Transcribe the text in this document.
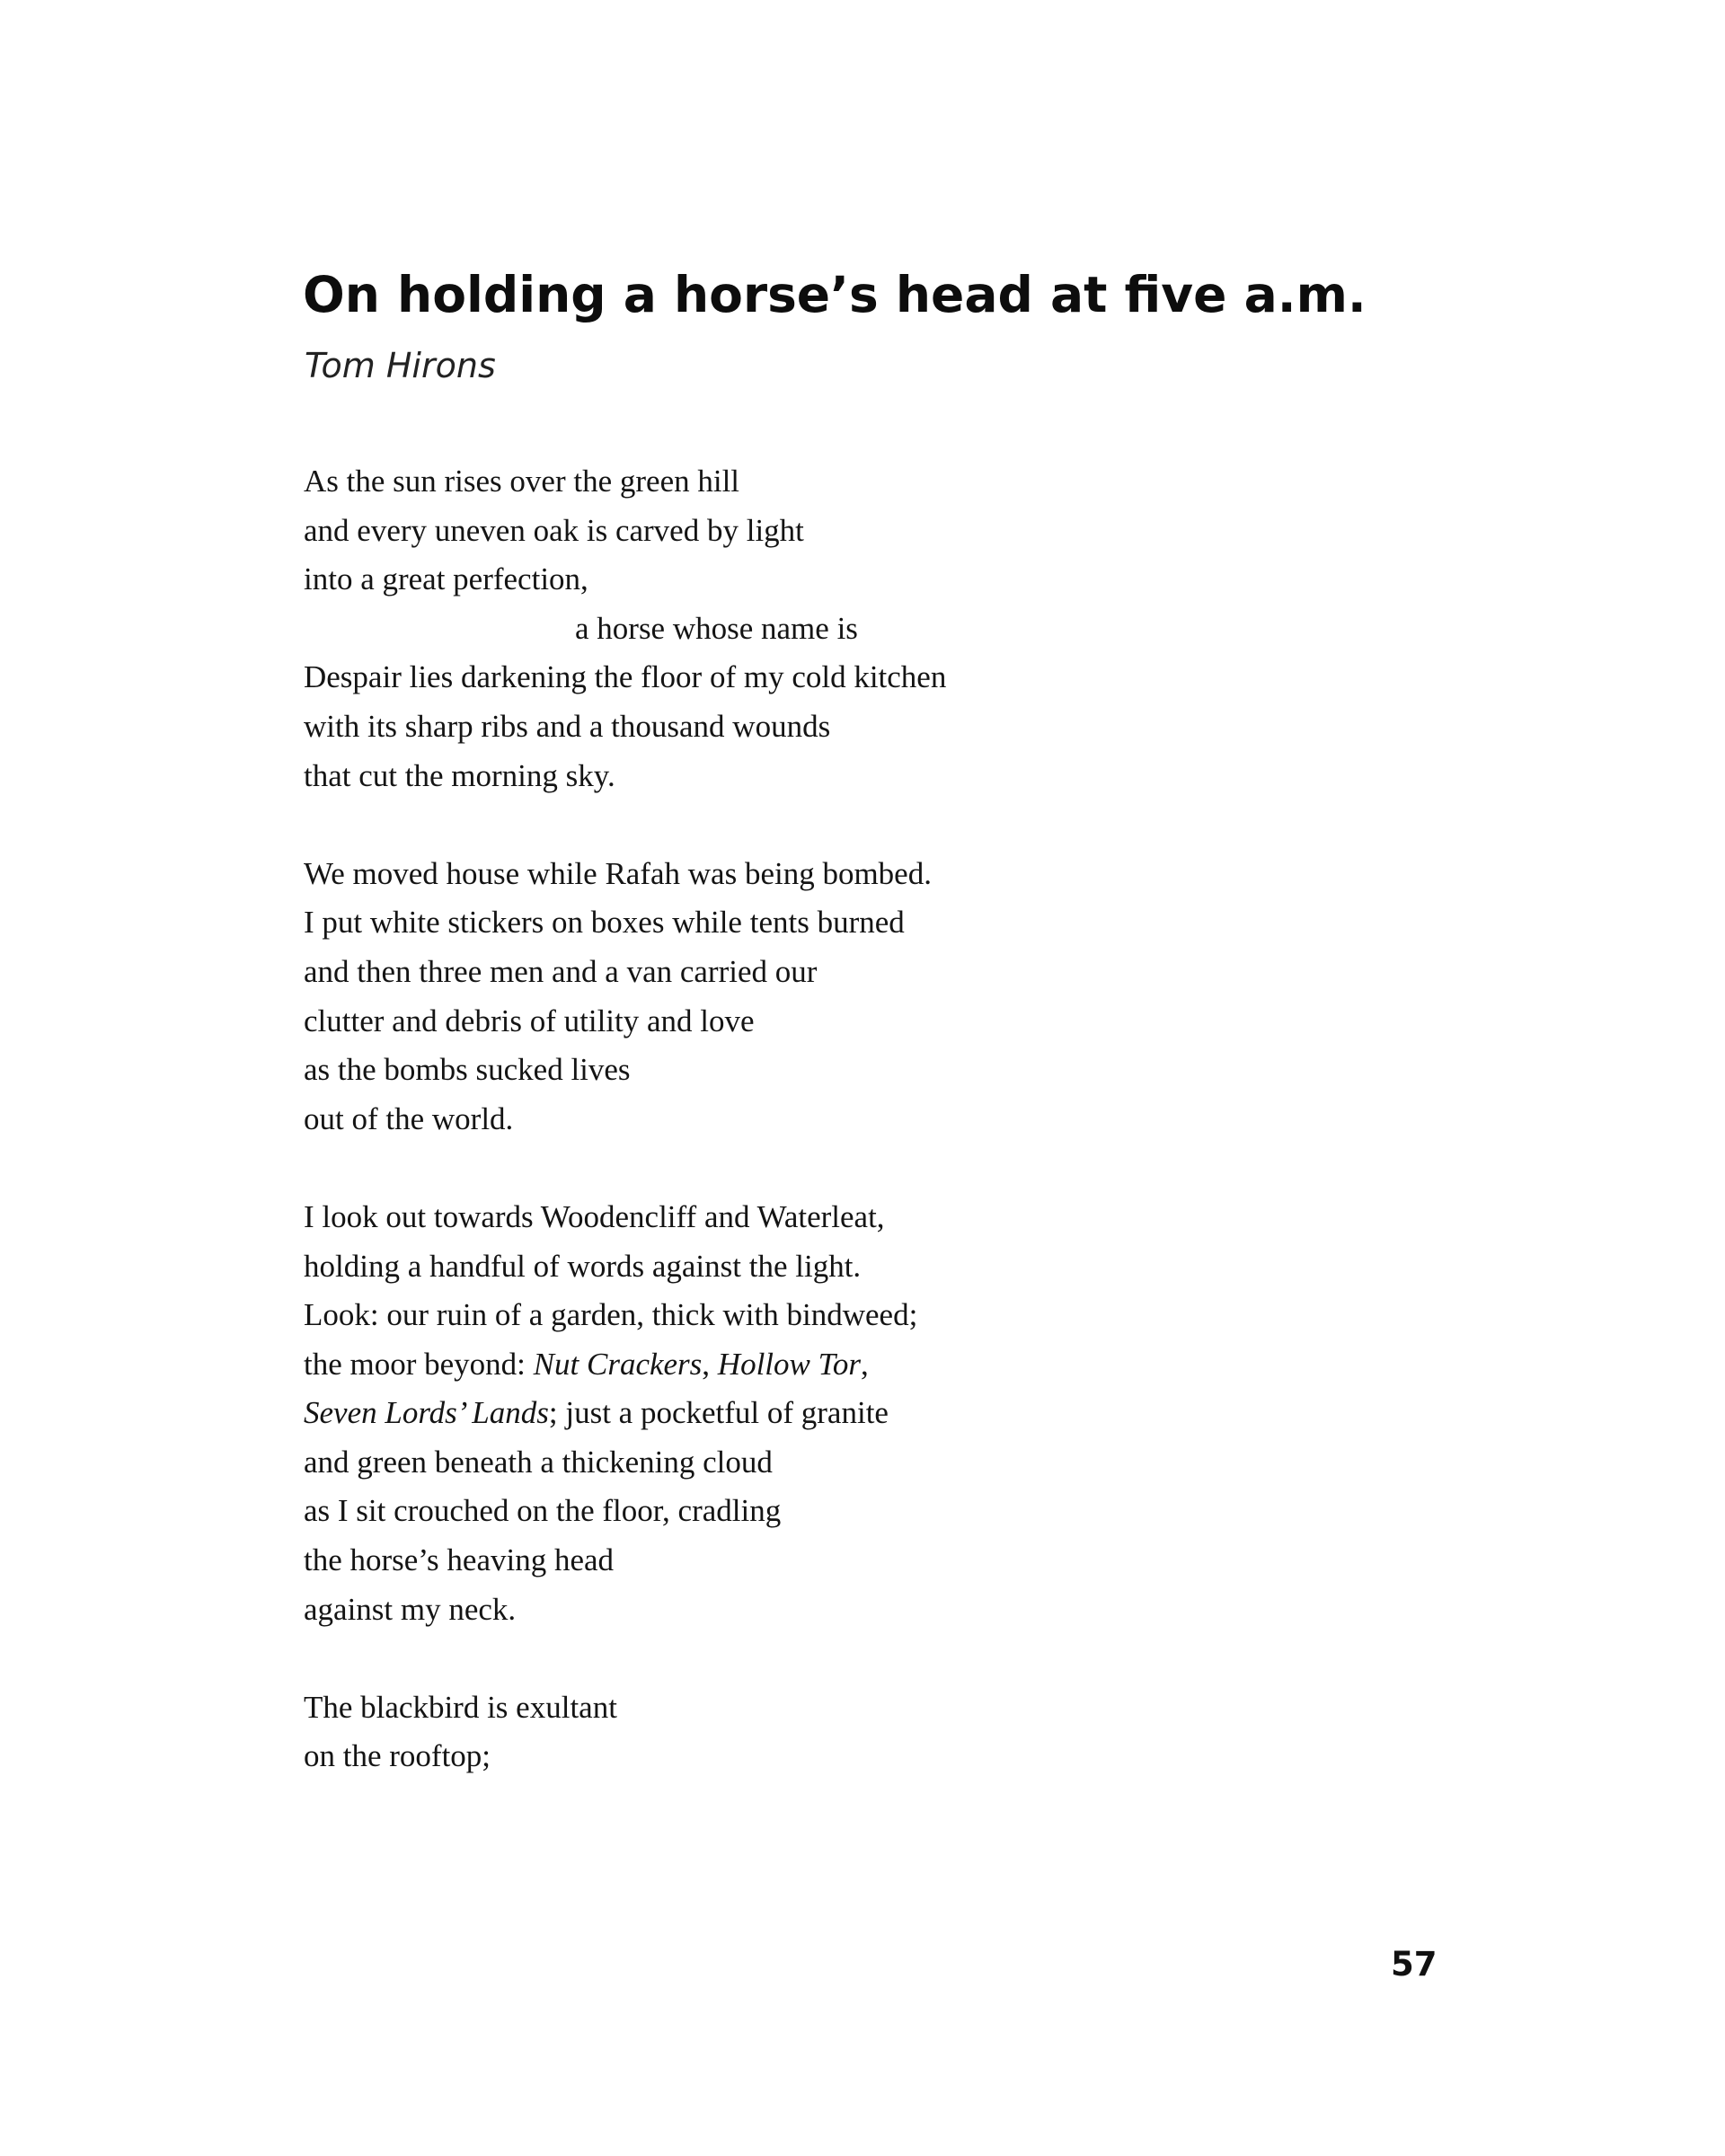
On holding a horse’s head at five a.m.
Tom Hirons
As the sun rises over the green hill
and every uneven oak is carved by light
into a great perfection,
a horse whose name is
Despair lies darkening the floor of my cold kitchen
with its sharp ribs and a thousand wounds
that cut the morning sky.
We moved house while Rafah was being bombed.
I put white stickers on boxes while tents burned
and then three men and a van carried our
clutter and debris of utility and love
as the bombs sucked lives
out of the world.
I look out towards Woodencliff and Waterleat,
holding a handful of words against the light.
Look: our ruin of a garden, thick with bindweed;
the moor beyond: Nut Crackers, Hollow Tor,
Seven Lords’ Lands; just a pocketful of granite
and green beneath a thickening cloud
as I sit crouched on the floor, cradling
the horse’s heaving head
against my neck.
The blackbird is exultant
on the rooftop;
57
